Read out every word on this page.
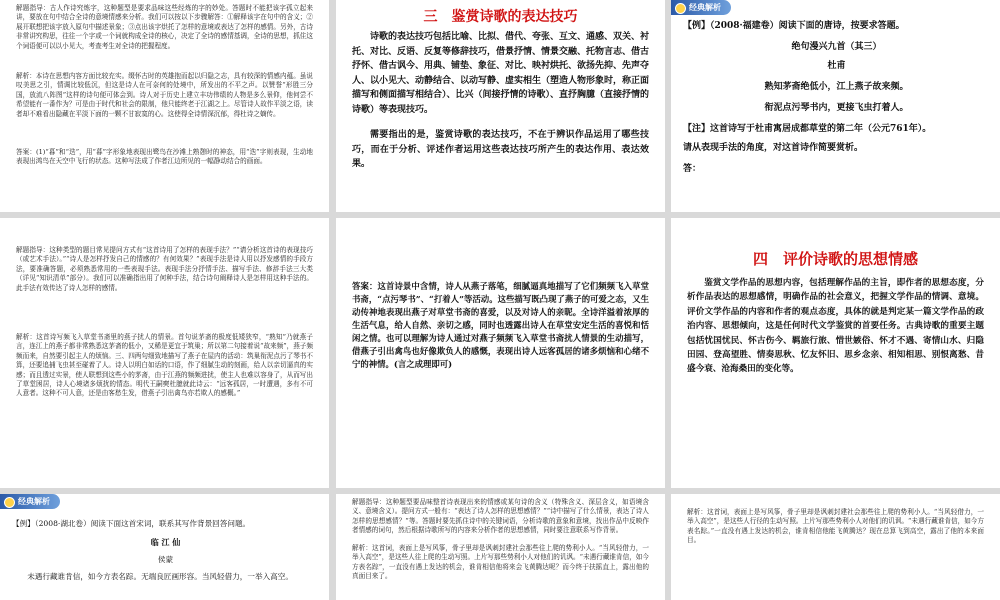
解题指导：古人作诗究炼字，这种题型是要求品味这些经炼的字的妙处。答题时不能把该字孤立起来讲，要放在句中结合全诗的意境情感来分析。我们可以按以下步骤解答：①解释该字在句中的含义；②展开联想把该字放入原句中描述景象；③点出该字烘托了怎样的意境或表达了怎样的感情。另外，古诗非常讲究构思，往往一个字或一个词就构成全诗的核心，决定了全诗的感情基调，全诗的思想，抓住这个词语便可以以小见大，考查考生对全诗的把握程度。
解析：本诗在思想内容方面比较充实。缀怀古时的英雄抱而起以归隐之志，具有较深的情感内蕴。虽说叹美思之引，情调比较低沉，但这是诗人在可奈何的处境中，所发出的不平之声。以赞誉“形胜三分国，放流八阵图”这样的诗句便可体会到。诗人对于历史上建立丰功伟绩的人物是多么景仰，他何尝不希望能有一番作为？可是由于时代和社会的限制，他只能终老于江湖之上。尽管诗人故作平淡之语，读者却不难看出隐藏在平淡下面的一颗不甘寂寞的心。这使得全诗情深沉郁，得杜诗之嫡传。
答案：(1)“暮”和“迭”，用“暮”字形象地表现出鹭鸟在沙滩上熟憩时的神态，用“迭”字则表现，生动地表现出鸿鸟在天空中飞行的状态。这种写法成了作者江边所见的一幅静动结合的画面。
三　鉴赏诗歌的表达技巧
诗歌的表达技巧包括比喻、比拟、借代、夸张、互文、通感、双关、衬托、对比、反语、反复等修辞技巧，借景抒情、情景交融、托物言志、借古抒怀、借古讽今、用典、铺垫、象征、对比、映衬烘托、欲扬先抑、先声夺人、以小见大、动静结合、以动写静、虚实相生（塑造人物形象时，称正面描写和侧面描写相结合）、比兴（间接抒情的诗歌）、直抒胸臆（直接抒情的诗歌）等表现技巧。
需要指出的是，鉴赏诗歌的表达技巧，不在于辨识作品运用了哪些技巧，而在于分析、评述作者运用这些表达技巧所产生的表达作用、表达效果。
经典解析
【例】（2008·福建卷）阅读下面的唐诗，按要求答题。
绝句漫兴九首（其三）
杜甫
熟知茅斋绝低小，江上燕子故来频。
衔泥点污琴书内，更接飞虫打着人。
【注】这首诗写于杜甫寓居成都草堂的第二年（公元761年）。
请从表现手法的角度，对这首诗作简要赏析。
答：
解题指导：这种类型的题目常见提问方式有“这首诗用了怎样的表现手法？”“请分析这首诗的表现技巧（或艺术手法）。”“诗人是怎样抒发自己的情感的？有何效果？”表现手法是诗人用以抒发感情的手段方法，要准确答题，必须熟悉常用的一些表现手法。表现手法分抒情手法、描写手法、修辞手法三大类（详见“知识清单”部分）。我们可以准确指出用了何种手法，结合诗句阐释诗人是怎样用这种手法的。此手法有效传达了诗人怎样的感情。
解析：这首诗写频飞入草堂书斋里的燕子扰人的情景。首句说茅斋的极度低矮狭窄，“熟知”乃就燕子言，连江上的燕子都非常熟悉这茅斋的低小，又稀是更宜于筑巢；所以第二句接着说“故来频”，燕子频频而来，自然要引起主人的烦恼。三、四两句细致地描写了燕子在屋内的活动：筑巢衔泥点污了琴书不算，还要追捕飞虫甚至碰着了人。诗人以明白如话的口语，作了细腻生动的刻画，给人以亲切逼真的实感；而且透过实景，使人联想到这些小的茅斋，由于江燕的频频进扰，使主人也难以容身了，从而写出了草堂困居，诗人心境诸多烦扰的情态。明代王嗣奭杜臆就此诗云：“远客孤居，一时遭遇，多有不可人意者。这种不可人意，还是由客愁生发，借燕子引出禽鸟亦若欺人的感概。”
答案：这首诗景中含情，诗人从燕子落笔，细腻逼真地描写了它们频频飞入草堂书斋，“点污琴书”、“打着人”等活动。这些描写既凸现了燕子的可爱之态，又生动传神地表现出燕子对草堂书斋的喜爱，以及对诗人的亲昵。全诗洋溢着浓厚的生活气息，给人自然、亲切之感，同时也透露出诗人在草堂安定生活的喜悦和恬闲之情。也可以理解为诗人通过对燕子频频飞入草堂书斋扰人情景的生动描写，借燕子引出禽鸟也好像欺负人的感慨，表现出诗人远客孤居的诸多烦恼和心绪不宁的神情。(言之成理即可)
四　评价诗歌的思想情感
鉴赏文学作品的思想内容，包括理解作品的主旨，即作者的思想态度，分析作品表达的思想感情，明确作品的社会意义，把握文学作品的情调、意境。评价文学作品的内容和作者的观点态度，具体的就是判定某一篇文学作品的政治内容、思想倾向，这是任何时代文学鉴赏的首要任务。古典诗歌的重要主题包括忧国忧民、怀古伤今、羁旅行旅、惜世嫉俗、怀才不遇、寄情山水、归隐田园、登高望胜、情奏思秋、忆友怀旧、思乡念亲、相知相思、别恨离愁、昔盛今衰、沧海桑田的变化等。
经典解析
【例】（2008·湖北卷）阅读下面这首宋词，联系其写作背景回答问题。
临 江 仙
侯蒙
未遇行藏谁肯信，如今方表名踪。无端良匠画形容。当风轻借力，一举入高空。
解题指导：这种题型要品味整首诗表现出来的情感或某句诗的含义（特殊含义、深层含义，如语境含义、意境含义）。提问方式一般有：“表达了诗人怎样的思想感情？”“诗中描写了什么情景，表达了诗人怎样的思想感情？”等。答题时要先抓住诗中的关键词语，分析诗歌的意象和意境，找出作品中反映作者情感的词句，然后根据诗歌所写的内容来分析作者的思想感情，同时要注意联系写作背景。
解析：这首词，表面上是写风筝，骨子里却是讽刺封建社会那些往上爬的势利小人。“当风轻借力，一举入高空”，是这些人往上爬的生动写照。上片写那些势利小人对他们的讥讽。“未遇行藏谁肯信，如今方表名踪”，一直没有遇上发达的机会，谁肯相信他将来会飞黄腾达呢？而今终于扶摇直上，露出他的真面目来了。
解析：这首词，表面上是写风筝，骨子里却是讽刺封建社会那些往上爬的势利小人。“当风轻借力，一举入高空”，是这些人行径的生动写照。上片写那些势利小人对他们的讥讽。“未遇行藏谁肯信，如今方表名踪。”一直没有遇上发达的机会，谁肯相信他能飞黄腾达？现在总算飞到高空，露出了他的本来面目。
